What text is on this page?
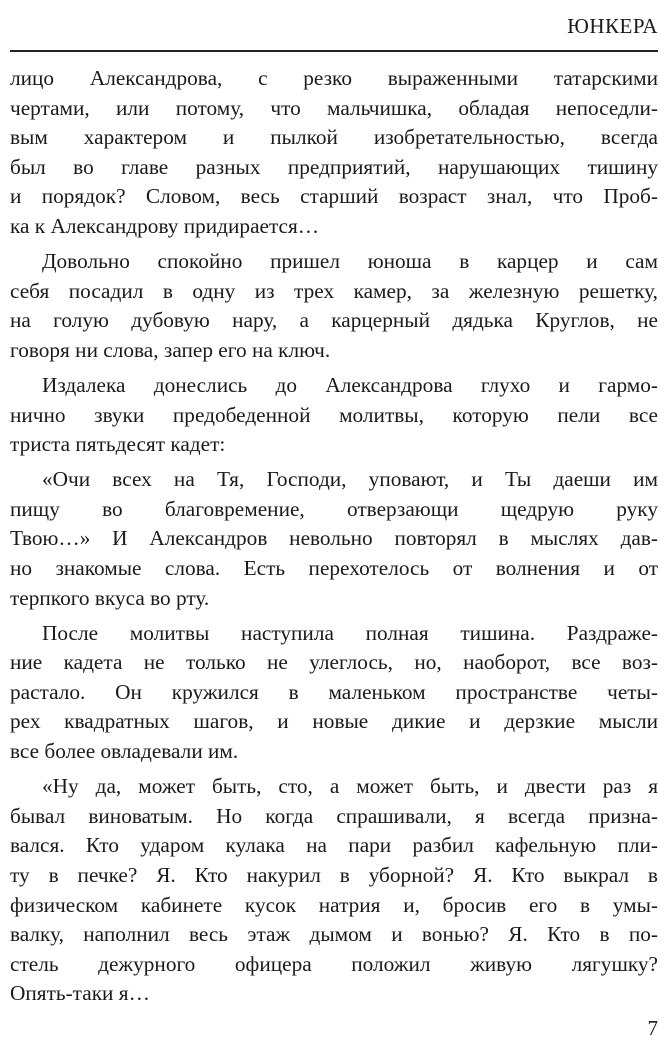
ЮНКЕРА
лицо Александрова, с резко выраженными татарскими
чертами, или потому, что мальчишка, обладая непоседли-
вым характером и пылкой изобретательностью, всегда
был во главе разных предприятий, нарушающих тишину
и порядок? Словом, весь старший возраст знал, что Проб-
ка к Александрову придирается…
Довольно спокойно пришел юноша в карцер и сам
себя посадил в одну из трех камер, за железную решетку,
на голую дубовую нару, а карцерный дядька Круглов, не
говоря ни слова, запер его на ключ.
Издалека донеслись до Александрова глухо и гармо-
нично звуки предобеденной молитвы, которую пели все
триста пятьдесят кадет:
«Очи всех на Тя, Господи, уповают, и Ты даеши им
пищу во благовремение, отверзающи щедрую руку
Твою…» И Александров невольно повторял в мыслях дав-
но знакомые слова. Есть перехотелось от волнения и от
терпкого вкуса во рту.
После молитвы наступила полная тишина. Раздраже-
ние кадета не только не улеглось, но, наоборот, все воз-
растало. Он кружился в маленьком пространстве четы-
рех квадратных шагов, и новые дикие и дерзкие мысли
все более овладевали им.
«Ну да, может быть, сто, а может быть, и двести раз я
бывал виноватым. Но когда спрашивали, я всегда призна-
вался. Кто ударом кулака на пари разбил кафельную пли-
ту в печке? Я. Кто накурил в уборной? Я. Кто выкрал в
физическом кабинете кусок натрия и, бросив его в умы-
валку, наполнил весь этаж дымом и вонью? Я. Кто в по-
стель дежурного офицера положил живую лягушку?
Опять-таки я…
7
